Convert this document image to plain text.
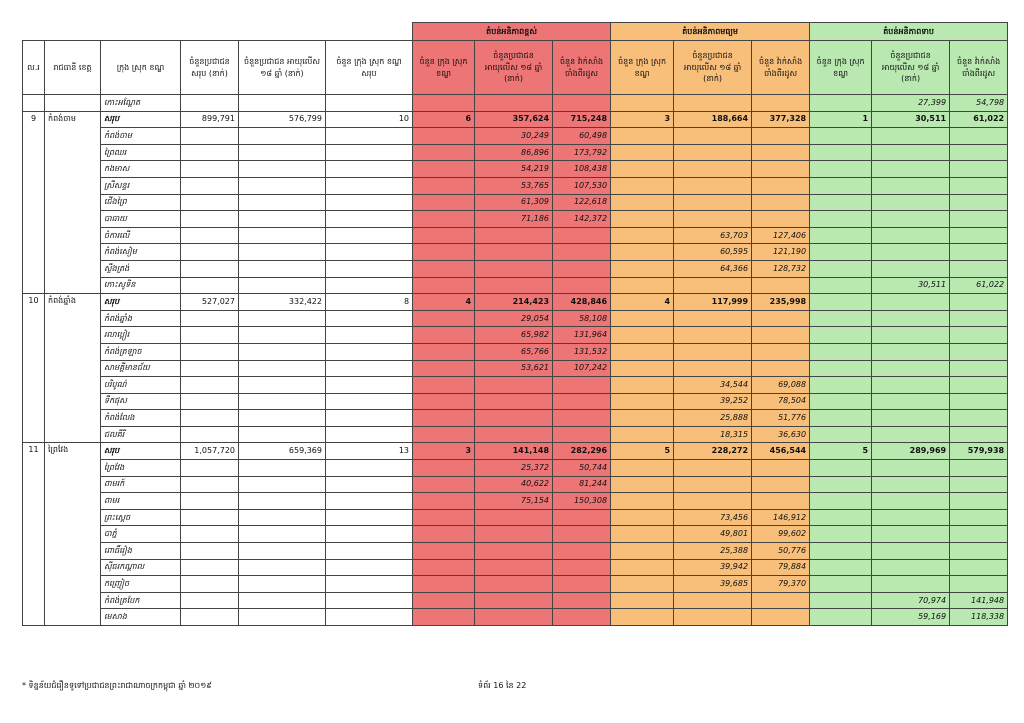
						តំបន់អនិភាពខ្ពស់			តំបន់អនិភាពមធ្យម			តំបន់អនិភាពទាប		
ល.រ	រាជធានី ខេត្ត	ក្រុង ស្រុក ខណ្ឌ	ចំនួនប្រជាជនសរុប (នាក់)	ចំនួនប្រជាជន អាយុលើស ១៨ ឆ្នាំ (នាក់)	ចំនួន ក្រុង ស្រុក ខណ្ឌ សរុប	ចំនួន ក្រុង ស្រុក ខណ្ឌ	ចំនួនប្រជាជន អាយុលើស ១៨ ឆ្នាំ (នាក់)	ចំនួន វ៉ាក់សាំង ចាំងពីរដូស	ចំនួន ក្រុង ស្រុក ខណ្ឌ	ចំនួនប្រជាជន អាយុលើស ១៨ ឆ្នាំ (នាក់)	ចំនួន វ៉ាក់សាំង ចាំងពីរដូស	ចំនួន ក្រុង ស្រុក ខណ្ឌ	ចំនួនប្រជាជន អាយុលើស ១៨ ឆ្នាំ (នាក់)	ចំនួន វ៉ាក់សាំង ចាំងពីរដូស
		កោះអណ្តែត											27,399	54,798
9	កំពង់ចាម	សរុប	899,791	576,799	10	6	357,624	715,248	3	188,664	377,328	1	30,511	61,022
		កំពង់ចាម					30,249	60,498						
		ព្រៃឈរ					86,896	173,792						
		កងមាស					54,219	108,438						
		ស្រីសន្ធរ					53,765	107,530						
		ជើងព្រៃ					61,309	122,618						
		បាធាយ					71,186	142,372						
		ចំការលើ								63,703	127,406			
		កំពង់សៀម								60,595	121,190			
		ស្ទឹងត្រង់								64,366	128,732			
		កោះសូទិន											30,511	61,022
10	កំពង់ឆ្នាំង	សរុប	527,027	332,422	8	4	214,423	428,846	4	117,999	235,998			
		កំពង់ឆ្នាំង					29,054	58,108						
		រលាប្អៀរ					65,982	131,964						
		កំពង់ត្រឡាច					65,766	131,532						
		សាមគ្គីមានជ័យ					53,621	107,242						
		បរិបូណ៌								34,544	69,088			
		ទឹកផុស								39,252	78,504			
		កំពង់លែង								25,888	51,776			
		ជលគីរី								18,315	36,630			
11	ព្រៃវែង	សរុប	1,057,720	659,369	13	3	141,148	282,296	5	228,272	456,544	5	289,969	579,938
		ព្រៃវែង					25,372	50,744						
		ពាមរក៍					40,622	81,244						
		ពាមរ					75,154	150,308						
		ព្រះស្ដេច								73,456	146,912			
		បាភ្នំ								49,801	99,602			
		ពោធិ៍រៀង								25,388	50,776			
		ស៊ីធរកណ្ដាល								39,942	79,884			
		កញ្ជ្រៀច								39,685	79,370			
		កំពង់ត្របែក											70,974	141,948
		មេសាង											59,169	118,338
* ទិន្នន័យជំរឿនទូទៅប្រជាជនព្រះរាជាណាចក្រកម្ពុជា ឆ្នាំ ២០១៩	ទំព័រ 16 នៃ 22
